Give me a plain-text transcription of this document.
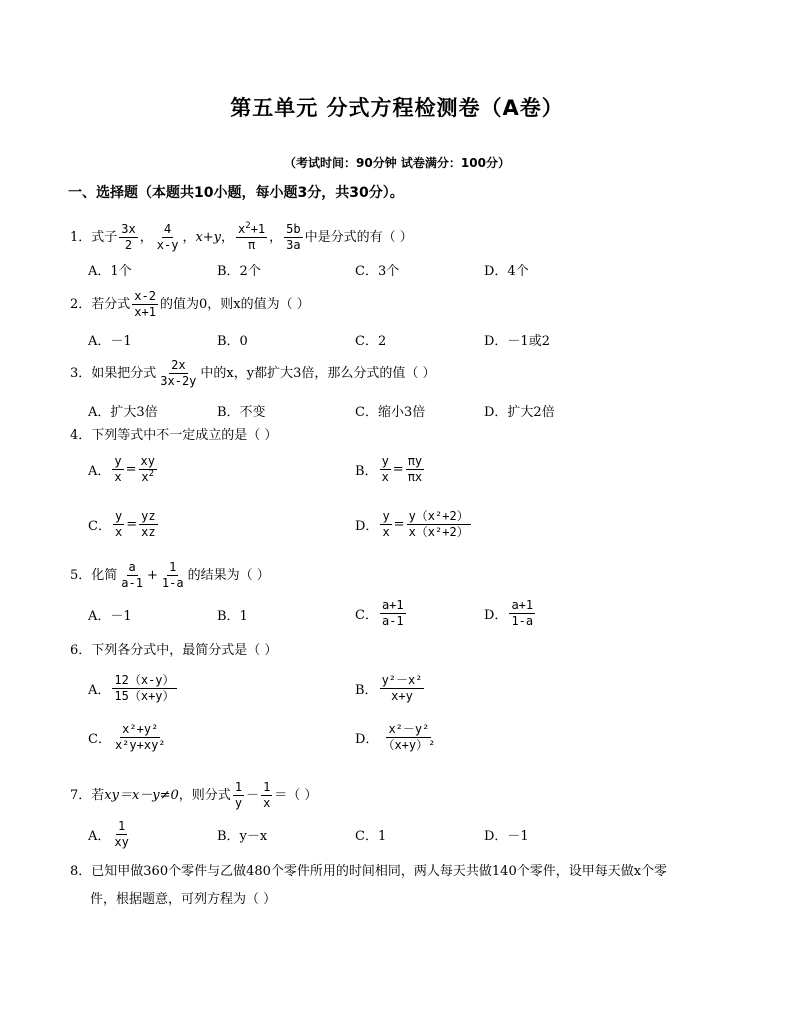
第五单元 分式方程检测卷（A卷）
（考试时间：90分钟 试卷满分：100分）
一、选择题（本题共10小题，每小题3分，共30分）。
1．式子 $\frac{3x}{2}$ ， $\frac{4}{x-y}$ ，x+y， $\frac{x^2+1}{\pi}$ ， $\frac{5b}{3a}$ 中是分式的有（ ）
A．1个	B．2个	C．3个	D．4个
2．若分式 $\frac{x-2}{x+1}$ 的值为0，则x的值为（ ）
A．－1	B．0	C．2	D．－1或2
3．如果把分式 $\frac{2x}{3x-2y}$ 中的x，y都扩大3倍，那么分式的值（ ）
A．扩大3倍	B．不变	C．缩小3倍	D．扩大2倍
4．下列等式中不一定成立的是（ ）
A． $\frac{y}{x} = \frac{xy}{x^2}$	B． $\frac{y}{x} = \frac{\pi y}{\pi x}$
C． $\frac{y}{x} = \frac{yz}{xz}$	D． $\frac{y}{x} = \frac{\text{y（x²+2）}}{\text{x（x²+2）}}$
5．化简 $\frac{a}{a-1} + \frac{1}{1-a}$ 的结果为（ ）
A．－1	B．1	C． $\frac{a+1}{a-1}$	D． $\frac{a+1}{1-a}$
6．下列各分式中，最简分式是（ ）
A． $\frac{12(x-y)}{15(x+y)}$	B． $\frac{\text{y²－x²}}{x+y}$
C． $\frac{\text{x²+y²}}{\text{x²y+xy²}}$	D． $\frac{\text{x²－y²}}{\text{（x+y）²}}$
7．若xy＝x－y≠0，则分式 $\frac{1}{y} - \frac{1}{x}$ ＝（ ）
A． $\frac{1}{xy}$	B．y－x	C．1	D．－1
8．已知甲做360个零件与乙做480个零件所用的时间相同，两人每天共做140个零件，设甲每天做x个零
件，根据题意，可列方程为（ ）
